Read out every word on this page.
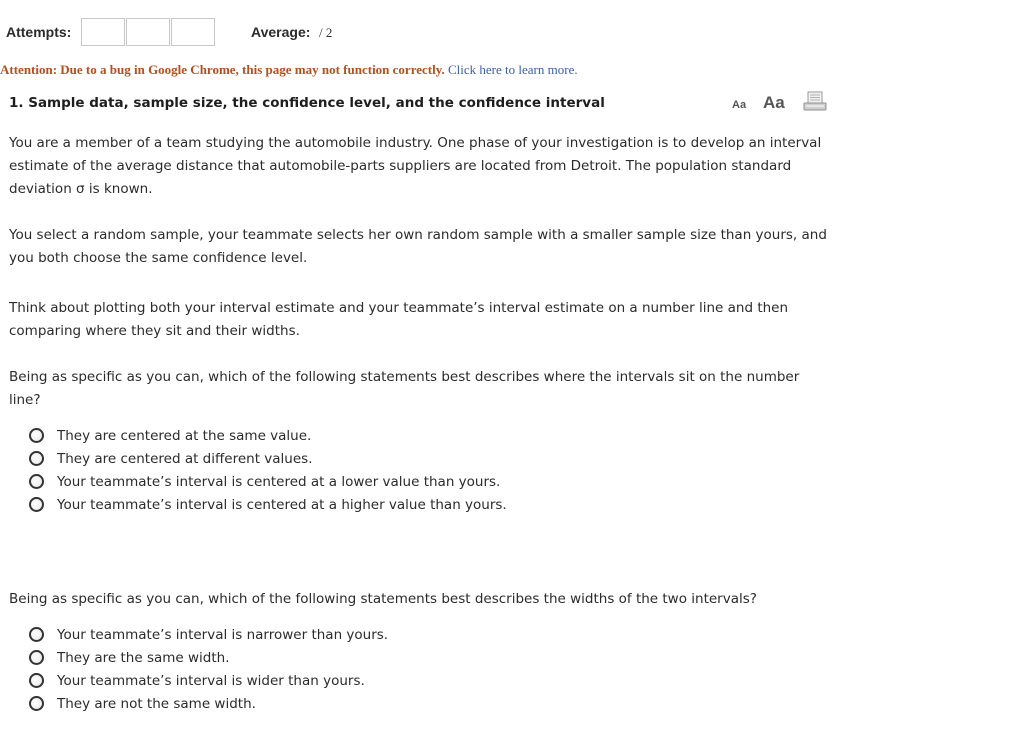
Attempts:	Average: / 2
Attention: Due to a bug in Google Chrome, this page may not function correctly. Click here to learn more.
1. Sample data, sample size, the confidence level, and the confidence interval	Aa Aa
You are a member of a team studying the automobile industry. One phase of your investigation is to develop an interval estimate of the average distance that automobile-parts suppliers are located from Detroit. The population standard deviation σ is known.
You select a random sample, your teammate selects her own random sample with a smaller sample size than yours, and you both choose the same confidence level.
Think about plotting both your interval estimate and your teammate’s interval estimate on a number line and then comparing where they sit and their widths.
Being as specific as you can, which of the following statements best describes where the intervals sit on the number line?
They are centered at the same value.
They are centered at different values.
Your teammate’s interval is centered at a lower value than yours.
Your teammate’s interval is centered at a higher value than yours.
Being as specific as you can, which of the following statements best describes the widths of the two intervals?
Your teammate’s interval is narrower than yours.
They are the same width.
Your teammate’s interval is wider than yours.
They are not the same width.
